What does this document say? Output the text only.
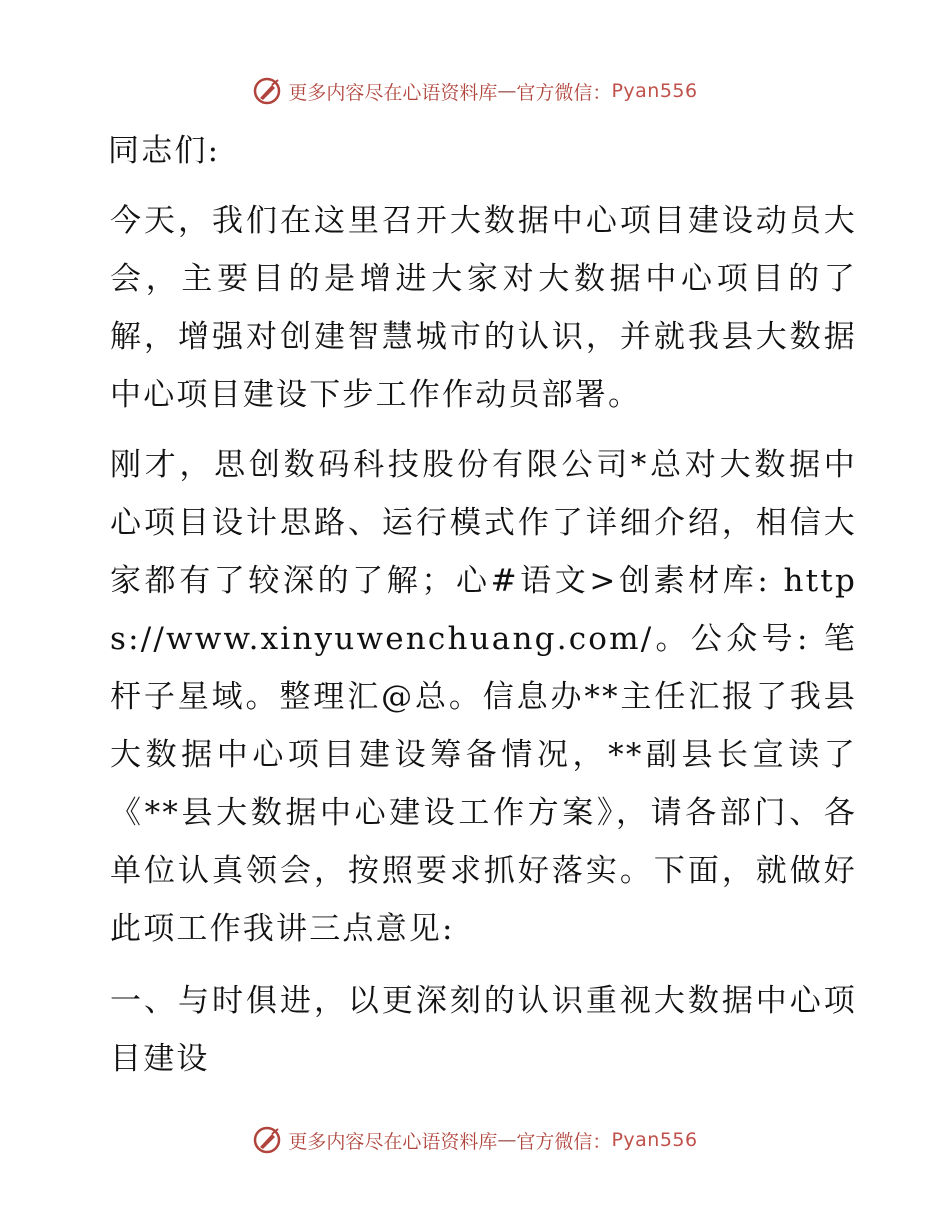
更多内容尽在心语资料库 — 官方微信： Pyan556

同志们:

今天，我们在这里召开大数据中心项目建设动员大会，主要目的是增进大家对大数据中心项目的了解，增强对创建智慧城市的认识，并就我县大数据中心项目建设下步工作作动员部署。

刚才，思创数码科技股份有限公司*总对大数据中心项目设计思路、运行模式作了详细介绍，相信大家都有了较深的了解；心#语文>创素材库: https://www.xinyuwenchuang.com/。公众号: 笔杆子星域。整理汇@总。信息办**主任汇报了我县大数据中心项目建设筹备情况，**副县长宣读了《**县大数据中心建设工作方案》，请各部门、各单位认真领会，按照要求抓好落实。下面，就做好此项工作我讲三点意见:

一、与时俱进，以更深刻的认识重视大数据中心项目建设

更多内容尽在心语资料库 — 官方微信： Pyan556
